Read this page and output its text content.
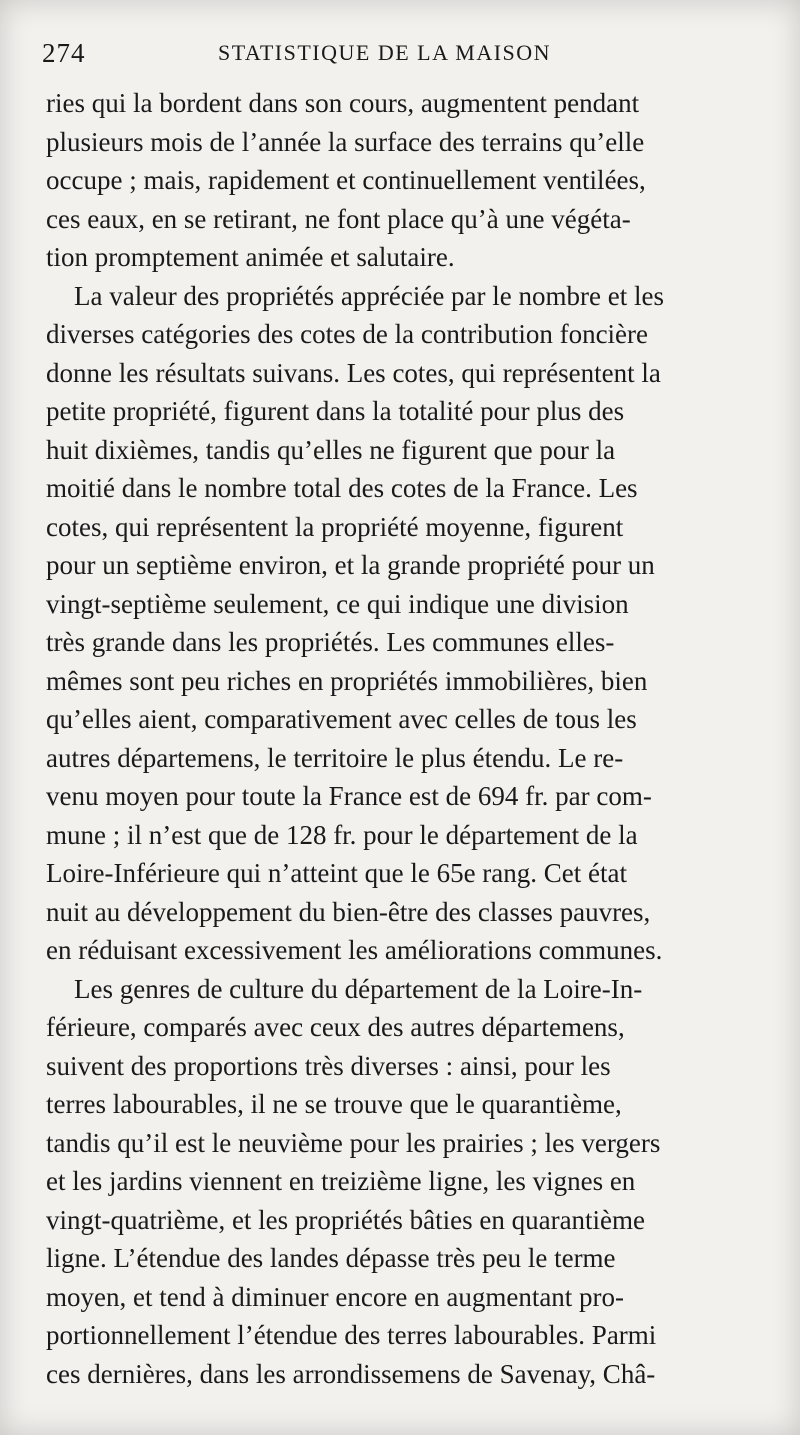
274	STATISTIQUE DE LA MAISON
ries qui la bordent dans son cours, augmentent pendant
plusieurs mois de l’année la surface des terrains qu’elle
occupe ; mais, rapidement et continuellement ventilées,
ces eaux, en se retirant, ne font place qu’à une végéta-
tion promptement animée et salutaire.
La valeur des propriétés appréciée par le nombre et les
diverses catégories des cotes de la contribution foncière
donne les résultats suivans. Les cotes, qui représentent la
petite propriété, figurent dans la totalité pour plus des
huit dixièmes, tandis qu’elles ne figurent que pour la
moitié dans le nombre total des cotes de la France. Les
cotes, qui représentent la propriété moyenne, figurent
pour un septième environ, et la grande propriété pour un
vingt-septième seulement, ce qui indique une division
très grande dans les propriétés. Les communes elles-
mêmes sont peu riches en propriétés immobilières, bien
qu’elles aient, comparativement avec celles de tous les
autres départemens, le territoire le plus étendu. Le re-
venu moyen pour toute la France est de 694 fr. par com-
mune ; il n’est que de 128 fr. pour le département de la
Loire-Inférieure qui n’atteint que le 65e rang. Cet état
nuit au développement du bien-être des classes pauvres,
en réduisant excessivement les améliorations communes.
Les genres de culture du département de la Loire-In-
férieure, comparés avec ceux des autres départemens,
suivent des proportions très diverses : ainsi, pour les
terres labourables, il ne se trouve que le quarantième,
tandis qu’il est le neuvième pour les prairies ; les vergers
et les jardins viennent en treizième ligne, les vignes en
vingt-quatrième, et les propriétés bâties en quarantième
ligne. L’étendue des landes dépasse très peu le terme
moyen, et tend à diminuer encore en augmentant pro-
portionnellement l’étendue des terres labourables. Parmi
ces dernières, dans les arrondissemens de Savenay, Châ-
